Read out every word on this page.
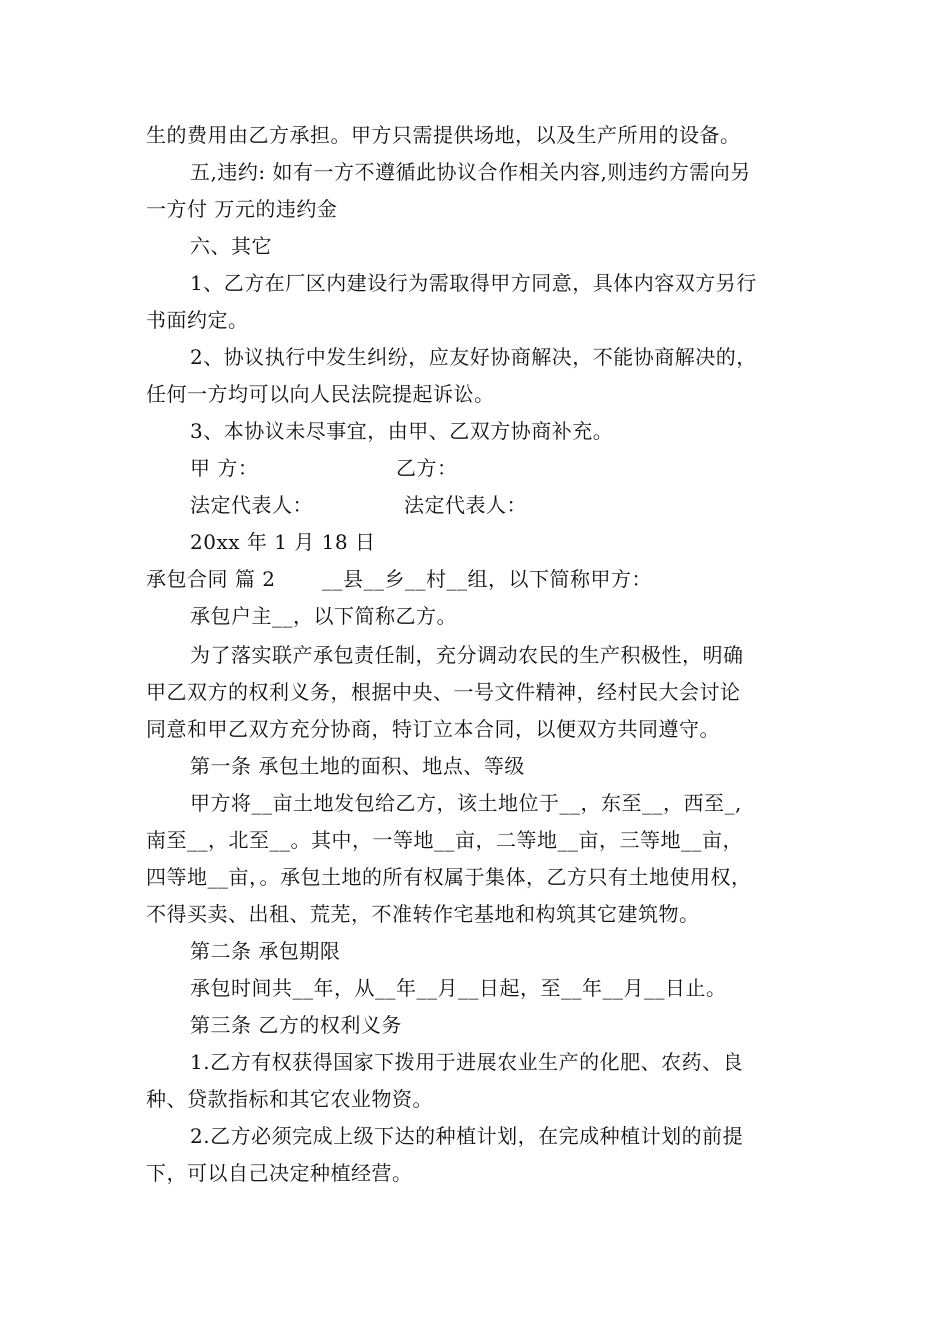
生的费用由乙方承担。甲方只需提供场地，以及生产所用的设备。
五,违约: 如有一方不遵循此协议合作相关内容,则违约方需向另
一方付 万元的违约金
六、其它
1、乙方在厂区内建设行为需取得甲方同意，具体内容双方另行
书面约定。
2、协议执行中发生纠纷，应友好协商解决，不能协商解决的，
任何一方均可以向人民法院提起诉讼。
3、本协议未尽事宜，由甲、乙双方协商补充。
甲 方：	乙方：
法定代表人：	法定代表人：
20xx 年 1 月 18 日
承包合同 篇 2 __县__乡__村__组，以下简称甲方：
承包户主__，以下简称乙方。
为了落实联产承包责任制，充分调动农民的生产积极性，明确
甲乙双方的权利义务，根据中央、一号文件精神，经村民大会讨论
同意和甲乙双方充分协商，特订立本合同，以便双方共同遵守。
第一条 承包土地的面积、地点、等级
甲方将__亩土地发包给乙方，该土地位于__，东至__，西至_,
南至__，北至__。其中，一等地__亩，二等地__亩，三等地__亩，
四等地__亩，。承包土地的所有权属于集体，乙方只有土地使用权，
不得买卖、出租、荒芜，不准转作宅基地和构筑其它建筑物。
第二条 承包期限
承包时间共__年，从__年__月__日起，至__年__月__日止。
第三条 乙方的权利义务
1.乙方有权获得国家下拨用于进展农业生产的化肥、农药、良
种、贷款指标和其它农业物资。
2.乙方必须完成上级下达的种植计划，在完成种植计划的前提
下，可以自己决定种植经营。
